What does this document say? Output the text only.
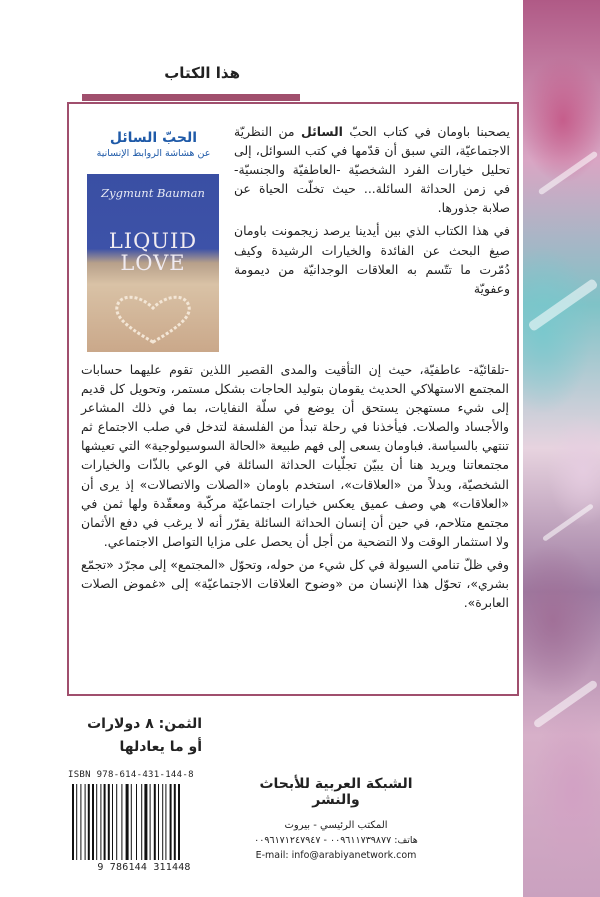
هذا الكتاب
الحبّ السائل
عن هشاشة الروابط الإنسانية
Zygmunt Bauman
LIQUID
LOVE

يصحبنا باومان في كتاب الحبّ السائل من النظريّة الاجتماعيّة، التي سبق أن قدّمها في كتب السوائل، إلى تحليل خيارات الفرد الشخصيّة -العاطفيّة والجنسيّة- في زمن الحداثة السائلة... حيث تخلّت الحياة عن صلابة جذورها.

في هذا الكتاب الذي بين أيدينا يرصد زيجمونت باومان صيغ البحث عن الفائدة والخيارات الرشيدة وكيف دُمّرت ما تتّسم به العلاقات الوجدانيّة من ديمومة وعفويّة

-تلقائيّة- عاطفيّة، حيث إن التأقيت والمدى القصير اللذين تقوم عليهما حسابات المجتمع الاستهلاكي الحديث يقومان بتوليد الحاجات بشكل مستمر، وتحويل كل قديم إلى شيء مستهجن يستحق أن يوضع في سلّة النفايات، بما في ذلك المشاعر والأجساد والصلات. فيأخذنا في رحلة تبدأ من الفلسفة لتدخل في صلب الاجتماع ثم تنتهي بالسياسة. فباومان يسعى إلى فهم طبيعة «الحالة السوسيولوجية» التي تعيشها مجتمعاتنا ويريد هنا أن يبيّن تجلّيات الحداثة السائلة في الوعي بالذّات والخيارات الشخصيّة، وبدلاً من «العلاقات»، استخدم باومان «الصلات والاتصالات» إذ يرى أن «العلاقات» هي وصف عميق يعكس خيارات اجتماعيّة مركّبة ومعقّدة ولها ثمن في مجتمع متلاحم، في حين أن إنسان الحداثة السائلة يقرّر أنه لا يرغب في دفع الأثمان ولا استثمار الوقت ولا التضحية من أجل أن يحصل على مزايا التواصل الاجتماعي.

وفي ظلّ تنامي السيولة في كل شيء من حوله، وتحوّل «المجتمع» إلى مجرّد «تجمّع بشري»، تحوّل هذا الإنسان من «وضوح العلاقات الاجتماعيّة» إلى «غموض الصلات العابرة».

الثمن: ٨ دولارات
أو ما يعادلها
ISBN 978-614-431-144-8
9 786144 311448
الشبكة العربية للأبحاث والنشر
المكتب الرئيسي - بيروت
هاتف: ٠٠٩٦١١٧٣٩٨٧٧ - ٠٠٩٦١٧١٢٤٧٩٤٧
E-mail: info@arabiyanetwork.com
